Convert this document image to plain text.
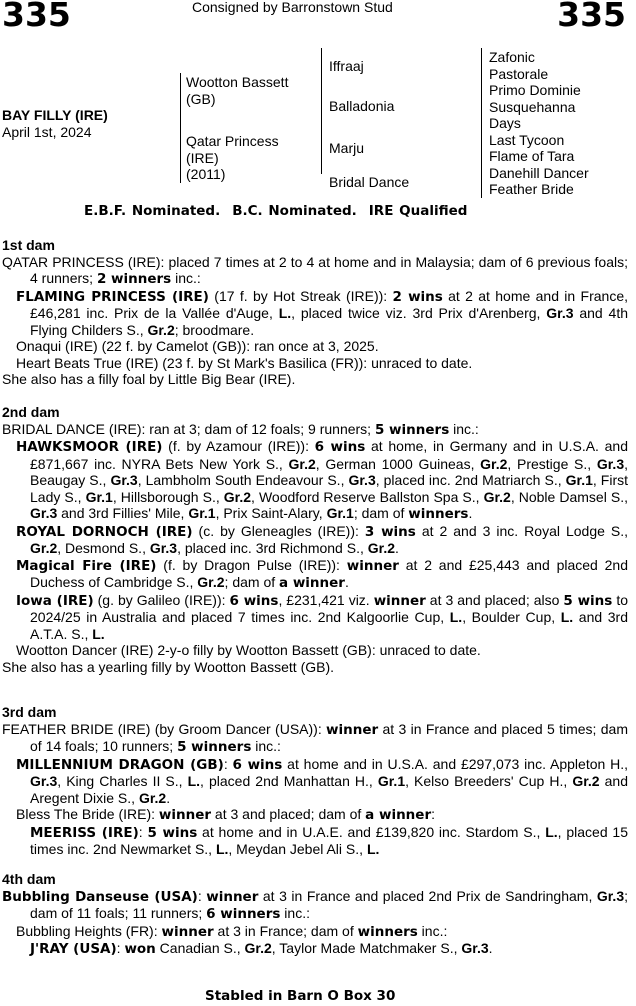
335	335
Consigned by Barronstown Stud
BAY FILLY (IRE)
April 1st, 2024
Wootton Bassett
(GB)
Qatar Princess
(IRE)
(2011)
Iffraaj
Balladonia
Marju
Bridal Dance
Zafonic
Pastorale
Primo Dominie
Susquehanna
Days
Last Tycoon
Flame of Tara
Danehill Dancer
Feather Bride
E.B.F. Nominated. B.C. Nominated. IRE Qualified

1st dam

QATAR PRINCESS (IRE): placed 7 times at 2 to 4 at home and in Malaysia; dam of 6 previous foals; 4 runners; 2 winners inc.:

FLAMING PRINCESS (IRE) (17 f. by Hot Streak (IRE)): 2 wins at 2 at home and in France, £46,281 inc. Prix de la Vallée d'Auge, L., placed twice viz. 3rd Prix d'Arenberg, Gr.3 and 4th Flying Childers S., Gr.2; broodmare.

Onaqui (IRE) (22 f. by Camelot (GB)): ran once at 3, 2025.

Heart Beats True (IRE) (23 f. by St Mark's Basilica (FR)): unraced to date.

She also has a filly foal by Little Big Bear (IRE).

2nd dam

BRIDAL DANCE (IRE): ran at 3; dam of 12 foals; 9 runners; 5 winners inc.:

HAWKSMOOR (IRE) (f. by Azamour (IRE)): 6 wins at home, in Germany and in U.S.A. and £871,667 inc. NYRA Bets New York S., Gr.2, German 1000 Guineas, Gr.2, Prestige S., Gr.3, Beaugay S., Gr.3, Lambholm South Endeavour S., Gr.3, placed inc. 2nd Matriarch S., Gr.1, First Lady S., Gr.1, Hillsborough S., Gr.2, Woodford Reserve Ballston Spa S., Gr.2, Noble Damsel S., Gr.3 and 3rd Fillies' Mile, Gr.1, Prix Saint-Alary, Gr.1; dam of winners.

ROYAL DORNOCH (IRE) (c. by Gleneagles (IRE)): 3 wins at 2 and 3 inc. Royal Lodge S., Gr.2, Desmond S., Gr.3, placed inc. 3rd Richmond S., Gr.2.

Magical Fire (IRE) (f. by Dragon Pulse (IRE)): winner at 2 and £25,443 and placed 2nd Duchess of Cambridge S., Gr.2; dam of a winner.

Iowa (IRE) (g. by Galileo (IRE)): 6 wins, £231,421 viz. winner at 3 and placed; also 5 wins to 2024/25 in Australia and placed 7 times inc. 2nd Kalgoorlie Cup, L., Boulder Cup, L. and 3rd A.T.A. S., L.

Wootton Dancer (IRE) 2-y-o filly by Wootton Bassett (GB): unraced to date.

She also has a yearling filly by Wootton Bassett (GB).

3rd dam

FEATHER BRIDE (IRE) (by Groom Dancer (USA)): winner at 3 in France and placed 5 times; dam of 14 foals; 10 runners; 5 winners inc.:

MILLENNIUM DRAGON (GB): 6 wins at home and in U.S.A. and £297,073 inc. Appleton H., Gr.3, King Charles II S., L., placed 2nd Manhattan H., Gr.1, Kelso Breeders' Cup H., Gr.2 and Aregent Dixie S., Gr.2.

Bless The Bride (IRE): winner at 3 and placed; dam of a winner:

MEERISS (IRE): 5 wins at home and in U.A.E. and £139,820 inc. Stardom S., L., placed 15 times inc. 2nd Newmarket S., L., Meydan Jebel Ali S., L.

4th dam

Bubbling Danseuse (USA): winner at 3 in France and placed 2nd Prix de Sandringham, Gr.3; dam of 11 foals; 11 runners; 6 winners inc.:

Bubbling Heights (FR): winner at 3 in France; dam of winners inc.:

J'RAY (USA): won Canadian S., Gr.2, Taylor Made Matchmaker S., Gr.3.

Stabled in Barn O Box 30
